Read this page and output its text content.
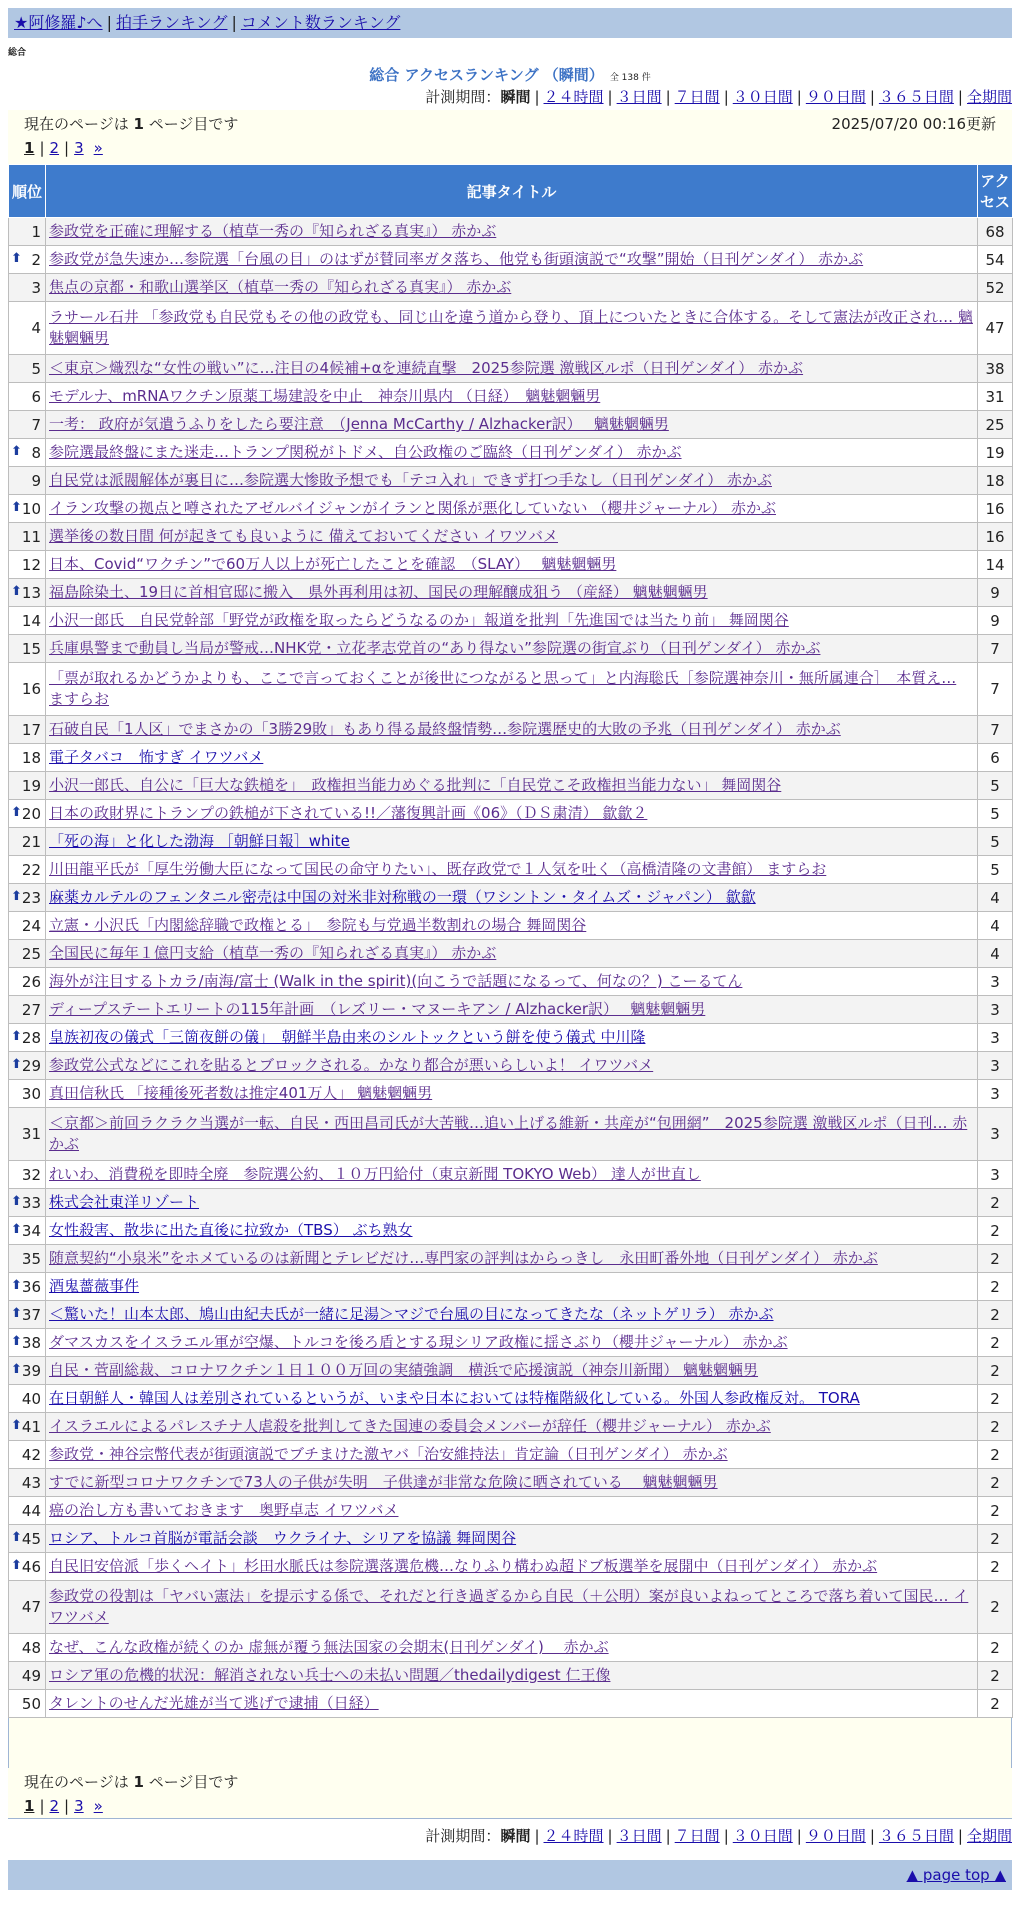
★阿修羅♪へ | 拍手ランキング | コメント数ランキング
総合
総合 アクセスランキング （瞬間） 全 138 件
計測期間：瞬間 | ２４時間 | ３日間 | ７日間 | ３０日間 | ９０日間 | ３６５日間 | 全期間
現在のページは 1 ページ目です	2025/07/20 00:16更新
1 | 2 | 3 »
順位	記事タイトル	アクセス
1	参政党を正確に理解する（植草一秀の『知られざる真実』） 赤かぶ	68

⬆ 2	参政党が急失速か…参院選「台風の目」のはずが賛同率ガタ落ち、他党も街頭演説で“攻撃”開始（日刊ゲンダイ） 赤かぶ	54
3	焦点の京都・和歌山選挙区（植草一秀の『知られざる真実』） 赤かぶ	52
4	ラサール石井 「参政党も自民党もその他の政党も、同じ山を違う道から登り、頂上についたときに合体する。そして憲法が改正され… 魑魅魍魎男	47
5	＜東京＞熾烈な“女性の戦い”に…注目の4候補+αを連続直撃　2025参院選 激戦区ルポ（日刊ゲンダイ） 赤かぶ	38
6	モデルナ、mRNAワクチン原薬工場建設を中止　神奈川県内 （日経）　魑魅魍魎男	31
7	一考： 政府が気遣うふりをしたら要注意　（Jenna McCarthy / Alzhacker訳）　 魑魅魍魎男	25

⬆ 8	参院選最終盤にまた迷走…トランプ関税がトドメ、自公政権のご臨終（日刊ゲンダイ） 赤かぶ	19
9	自民党は派閥解体が裏目に…参院選大惨敗予想でも「テコ入れ」できず打つ手なし（日刊ゲンダイ） 赤かぶ	18

⬆ 10	イラン攻撃の拠点と噂されたアゼルバイジャンがイランと関係が悪化していない （櫻井ジャーナル） 赤かぶ	16
11	選挙後の数日間 何が起きても良いように 備えておいてください イワツバメ	16
12	日本、Covid“ワクチン”で60万人以上が死亡したことを確認　（SLAY）　 魑魅魍魎男	14

⬆ 13	福島除染土、19日に首相官邸に搬入　県外再利用は初、国民の理解醸成狙う （産経） 魑魅魍魎男	9
14	小沢一郎氏　自民党幹部「野党が政権を取ったらどうなるのか」報道を批判「先進国では当たり前」 舞岡関谷	9
15	兵庫県警まで動員し当局が警戒…NHK党・立花孝志党首の“あり得ない”参院選の街宣ぶり（日刊ゲンダイ） 赤かぶ	7
16	「票が取れるかどうかよりも、ここで言っておくことが後世につながると思って」と内海聡氏［参院選神奈川・無所属連合］　本質え… ますらお	7
17	石破自民「1人区」でまさかの「3勝29敗」もあり得る最終盤情勢…参院選歴史的大敗の予兆（日刊ゲンダイ） 赤かぶ	7
18	電子タバコ　怖すぎ イワツバメ	6
19	小沢一郎氏、自公に「巨大な鉄槌を」　政権担当能力めぐる批判に「自民党こそ政権担当能力ない」 舞岡関谷	5

⬆ 20	日本の政財界にトランプの鉄槌が下されている!!／藩復興計画《06》（ＤＳ粛清） 歙歙２	5
21	「死の海」と化した渤海 ［朝鮮日報］white	5
22	川田龍平氏が「厚生労働大臣になって国民の命守りたい」、既存政党で１人気を吐く（高橋清隆の文書館） ますらお	5

⬆ 23	麻薬カルテルのフェンタニル密売は中国の対米非対称戦の一環（ワシントン・タイムズ・ジャパン） 歙歙	4
24	立憲・小沢氏「内閣総辞職で政権とる」　参院も与党過半数割れの場合 舞岡関谷	4
25	全国民に毎年１億円支給（植草一秀の『知られざる真実』） 赤かぶ	4
26	海外が注目するトカラ/南海/富士 (Walk in the spirit)(向こうで話題になるって、何なの？) こーるてん	3
27	ディープステートエリートの115年計画　（レズリー・マヌーキアン / Alzhacker訳）　 魑魅魍魎男	3

⬆ 28	皇族初夜の儀式「三箇夜餅の儀」　朝鮮半島由来のシルトックという餅を使う儀式 中川隆	3

⬆ 29	参政党公式などにこれを貼るとブロックされる。かなり都合が悪いらしいよ！ イワツバメ	3
30	真田信秋氏 「接種後死者数は推定401万人」 魑魅魍魎男	3
31	＜京都＞前回ラクラク当選が一転、自民・西田昌司氏が大苦戦…追い上げる維新・共産が“包囲網”　2025参院選 激戦区ルポ（日刊… 赤かぶ	3
32	れいわ、消費税を即時全廃　参院選公約、１０万円給付（東京新聞 TOKYO Web） 達人が世直し	3

⬆ 33	株式会社東洋リゾート	2

⬆ 34	女性殺害、散歩に出た直後に拉致か（TBS） ぶち熟女	2
35	随意契約“小泉米”をホメているのは新聞とテレビだけ…専門家の評判はからっきし　永田町番外地（日刊ゲンダイ） 赤かぶ	2

⬆ 36	酒鬼薔薇事件	2

⬆ 37	＜驚いた！山本太郎、鳩山由紀夫氏が一緒に足湯＞マジで台風の目になってきたな（ネットゲリラ） 赤かぶ	2

⬆ 38	ダマスカスをイスラエル軍が空爆、トルコを後ろ盾とする現シリア政権に揺さぶり（櫻井ジャーナル） 赤かぶ	2

⬆ 39	自民・菅副総裁、コロナワクチン１日１００万回の実績強調　横浜で応援演説（神奈川新聞） 魑魅魍魎男	2
40	在日朝鮮人・韓国人は差別されているというが、いまや日本においては特権階級化している。外国人参政権反対。 TORA	2

⬆ 41	イスラエルによるパレスチナ人虐殺を批判してきた国連の委員会メンバーが辞任（櫻井ジャーナル） 赤かぶ	2
42	参政党・神谷宗幣代表が街頭演説でブチまけた激ヤバ「治安維持法」肯定論（日刊ゲンダイ） 赤かぶ	2
43	すでに新型コロナワクチンで73人の子供が失明　子供達が非常な危険に晒されている　 魑魅魍魎男	2
44	癌の治し方も書いておきます　奥野卓志 イワツバメ	2

⬆ 45	ロシア、トルコ首脳が電話会談　ウクライナ、シリアを協議 舞岡関谷	2

⬆ 46	自民旧安倍派「歩くヘイト」杉田水脈氏は参院選落選危機…なりふり構わぬ超ドブ板選挙を展開中（日刊ゲンダイ） 赤かぶ	2
47	参政党の役割は「ヤバい憲法」を提示する係で、それだと行き過ぎるから自民（＋公明）案が良いよねってところで落ち着いて国民… イワツバメ	2
48	なぜ、こんな政権が続くのか 虚無が覆う無法国家の会期末(日刊ゲンダイ)　 赤かぶ	2
49	ロシア軍の危機的状況：解消されない兵士への未払い問題／thedailydigest 仁王像	2
50	タレントのせんだ光雄が当て逃げで逮捕（日経）	2
現在のページは 1 ページ目です
1 | 2 | 3 »
計測期間：瞬間 | ２４時間 | ３日間 | ７日間 | ３０日間 | ９０日間 | ３６５日間 | 全期間
▲ page top ▲
